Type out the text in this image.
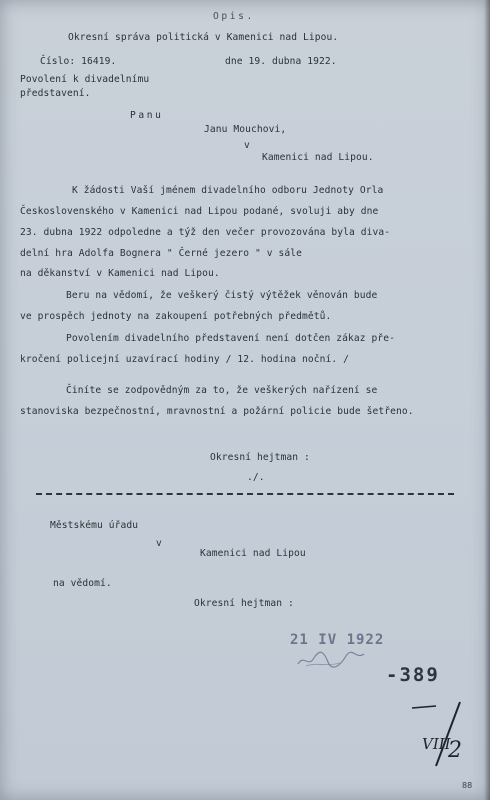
Opis.
Okresní správa politická v Kamenici nad Lipou.
Číslo: 16419.	dne 19. dubna 1922.
Povolení k divadelnímu
představení.
Panu
Janu Mouchovi,
v
Kamenici nad Lipou.
K žádosti Vaší jménem divadelního odboru Jednoty Orla
Československého v Kamenici nad Lipou podané, svoluji aby dne
23. dubna 1922 odpoledne a týž den večer provozována byla diva-
delní hra Adolfa Bognera " Černé jezero " v sále
na děkanství v Kamenici nad Lipou.
Beru na vědomí, že veškerý čistý výtěžek věnován bude
ve prospěch jednoty na zakoupení potřebných předmětů.
Povolením divadelního představení není dotčen zákaz pře-
kročení policejní uzavírací hodiny / 12. hodina noční. /
Činíte se zodpovědným za to, že veškerých nařízení se
stanoviska bezpečnostní, mravnostní a požární policie bude šetřeno.
Okresní hejtman :
./.
Městskému úřadu
v
Kamenici nad Lipou
na vědomí.
Okresní hejtman :
21 IV 1922
-389
VIII
2
88
